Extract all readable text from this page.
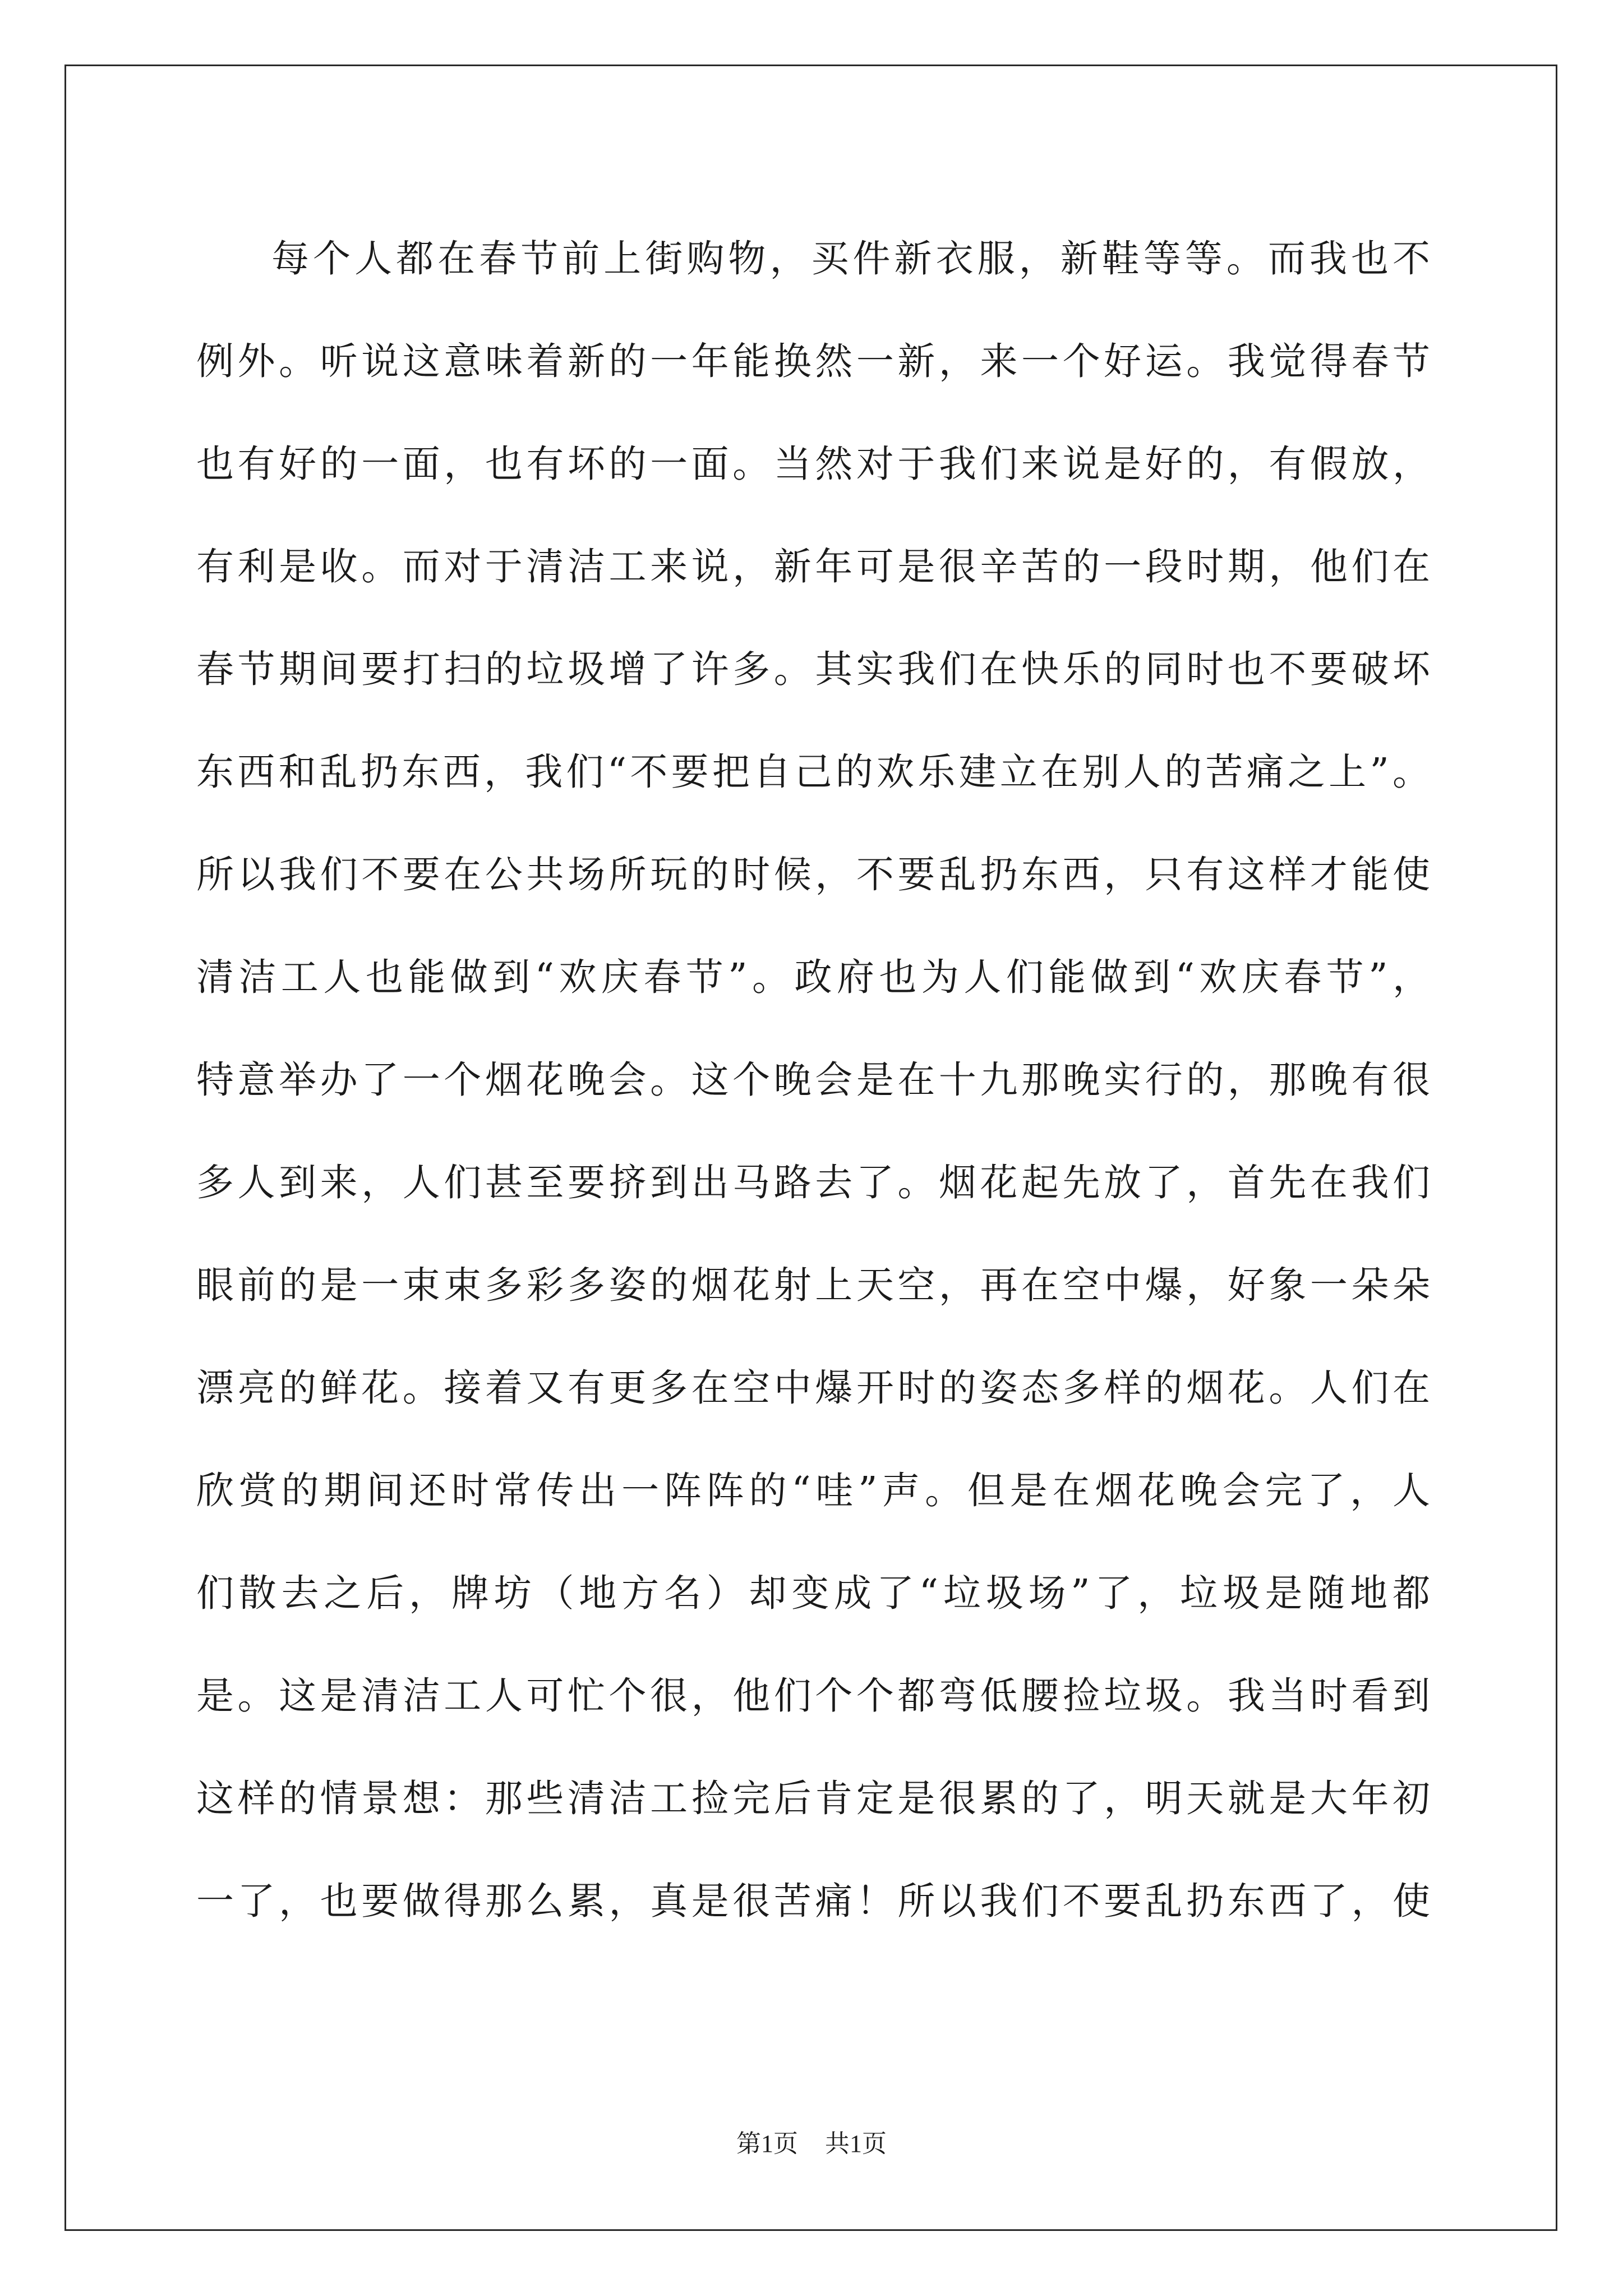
每个人都在春节前上街购物，买件新衣服，新鞋等等。而我也不
例外。听说这意味着新的一年能换然一新，来一个好运。我觉得春节
也有好的一面，也有坏的一面。当然对于我们来说是好的，有假放，
有利是收。而对于清洁工来说，新年可是很辛苦的一段时期，他们在
春节期间要打扫的垃圾增了许多。其实我们在快乐的同时也不要破坏
东西和乱扔东西，我们“不要把自己的欢乐建立在别人的苦痛之上”。
所以我们不要在公共场所玩的时候，不要乱扔东西，只有这样才能使
清洁工人也能做到“欢庆春节”。政府也为人们能做到“欢庆春节”，
特意举办了一个烟花晚会。这个晚会是在十九那晚实行的，那晚有很
多人到来，人们甚至要挤到出马路去了。烟花起先放了，首先在我们
眼前的是一束束多彩多姿的烟花射上天空，再在空中爆，好象一朵朵
漂亮的鲜花。接着又有更多在空中爆开时的姿态多样的烟花。人们在
欣赏的期间还时常传出一阵阵的“哇”声。但是在烟花晚会完了，人
们散去之后，牌坊（地方名）却变成了“垃圾场”了，垃圾是随地都
是。这是清洁工人可忙个很，他们个个都弯低腰捡垃圾。我当时看到
这样的情景想：那些清洁工捡完后肯定是很累的了，明天就是大年初
一了，也要做得那么累，真是很苦痛！所以我们不要乱扔东西了，使
第1页 共1页
